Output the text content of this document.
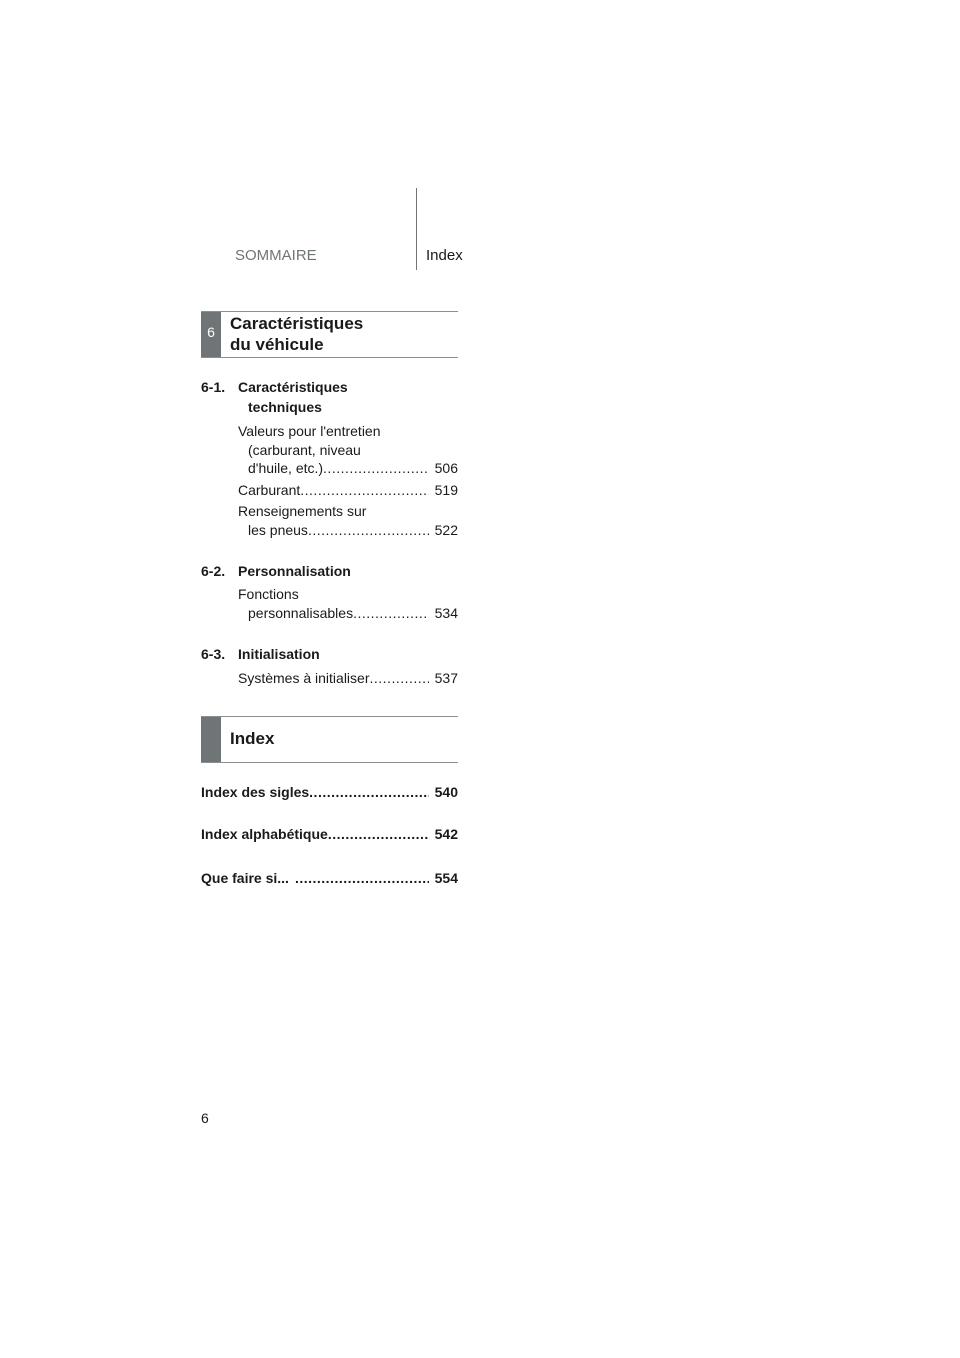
SOMMAIRE	Index
6 Caractéristiques
du véhicule
6-1. Caractéristiques
techniques
Valeurs pour l'entretien
(carburant, niveau
d'huile, etc.) .....	506
Carburant .....	519
Renseignements sur
les pneus .....	522
6-2. Personnalisation
Fonctions
personnalisables .....	534
6-3. Initialisation
Systèmes à initialiser .....	537
Index
Index des sigles .....	540
Index alphabétique .....	542
Que faire si... .....	554
6
